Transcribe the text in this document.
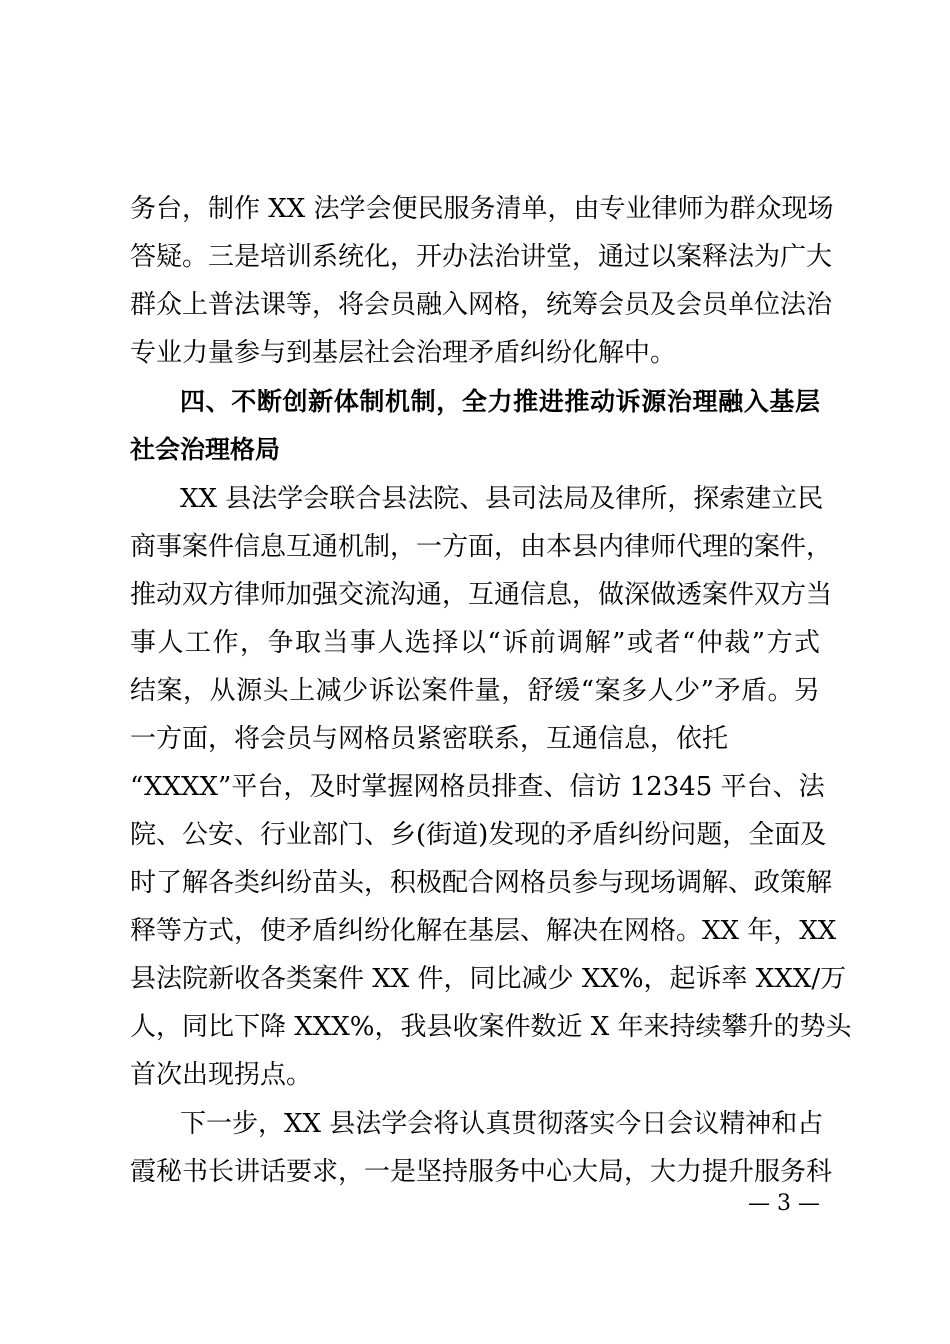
务台，制作 XX 法学会便民服务清单，由专业律师为群众现场
答疑。三是培训系统化，开办法治讲堂，通过以案释法为广大
群众上普法课等，将会员融入网格，统筹会员及会员单位法治
专业力量参与到基层社会治理矛盾纠纷化解中。
四、不断创新体制机制，全力推进推动诉源治理融入基层
社会治理格局
XX 县法学会联合县法院、县司法局及律所，探索建立民
商事案件信息互通机制，一方面，由本县内律师代理的案件，
推动双方律师加强交流沟通，互通信息，做深做透案件双方当
事人工作，争取当事人选择以“诉前调解”或者“仲裁”方式
结案，从源头上减少诉讼案件量，舒缓“案多人少”矛盾。另
一方面，将会员与网格员紧密联系，互通信息，依托
“XXXX”平台，及时掌握网格员排查、信访 12345 平台、法
院、公安、行业部门、乡(街道)发现的矛盾纠纷问题，全面及
时了解各类纠纷苗头，积极配合网格员参与现场调解、政策解
释等方式，使矛盾纠纷化解在基层、解决在网格。XX 年，XX
县法院新收各类案件 XX 件，同比减少 XX%，起诉率 XXX/万
人，同比下降 XXX%，我县收案件数近 X 年来持续攀升的势头
首次出现拐点。
下一步，XX 县法学会将认真贯彻落实今日会议精神和占
霞秘书长讲话要求，一是坚持服务中心大局，大力提升服务科
— 3 —
